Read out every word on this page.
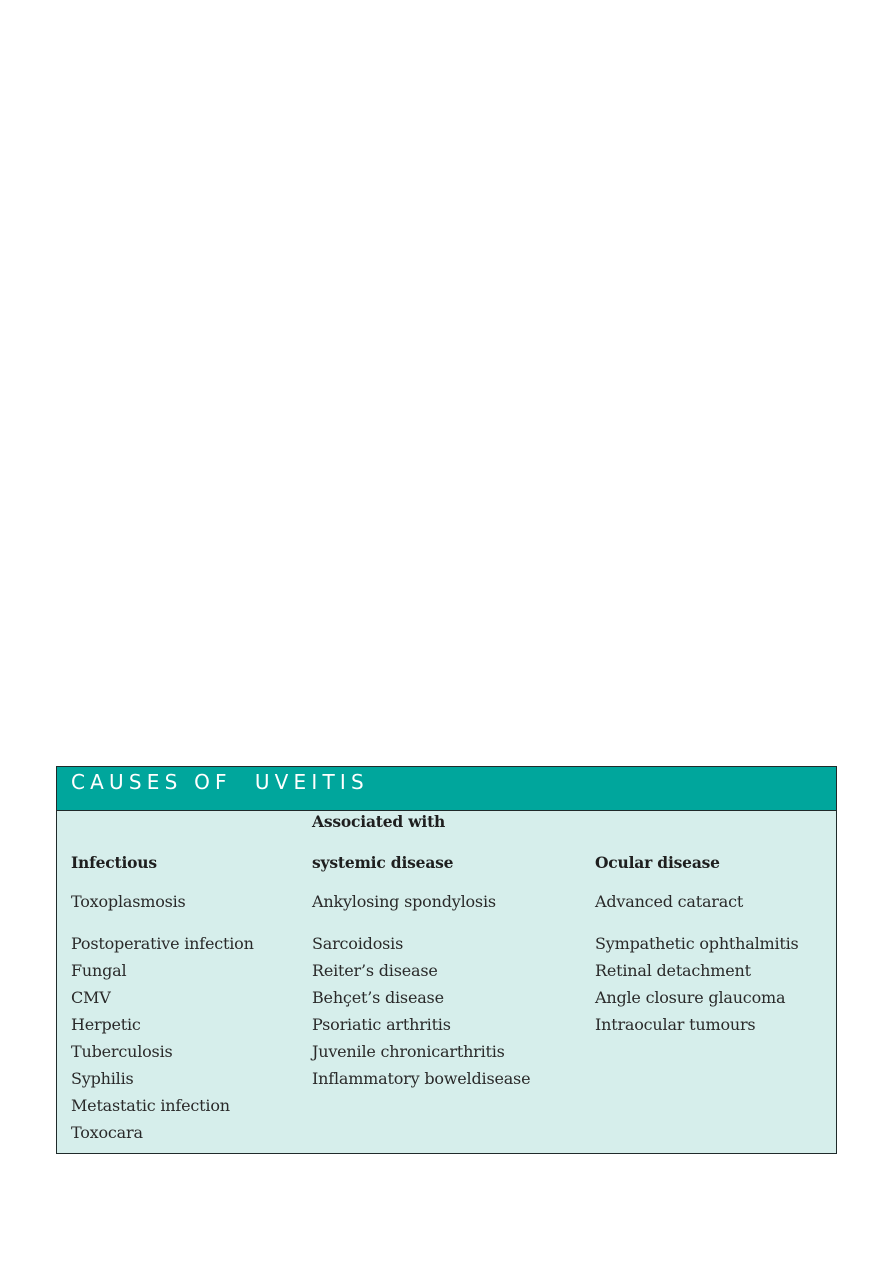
CAUSES OF  UVEITIS
Infectious
Toxoplasmosis
Postoperative infection
Fungal
CMV
Herpetic
Tuberculosis
Syphilis
Metastatic infection
Toxocara
Associated with
systemic disease
Ankylosing spondylosis
Sarcoidosis
Reiter’s disease
Behçet’s disease
Psoriatic arthritis
Juvenile chronicarthritis
Inflammatory boweldisease
Ocular disease
Advanced cataract
Sympathetic ophthalmitis
Retinal detachment
Angle closure glaucoma
Intraocular tumours
